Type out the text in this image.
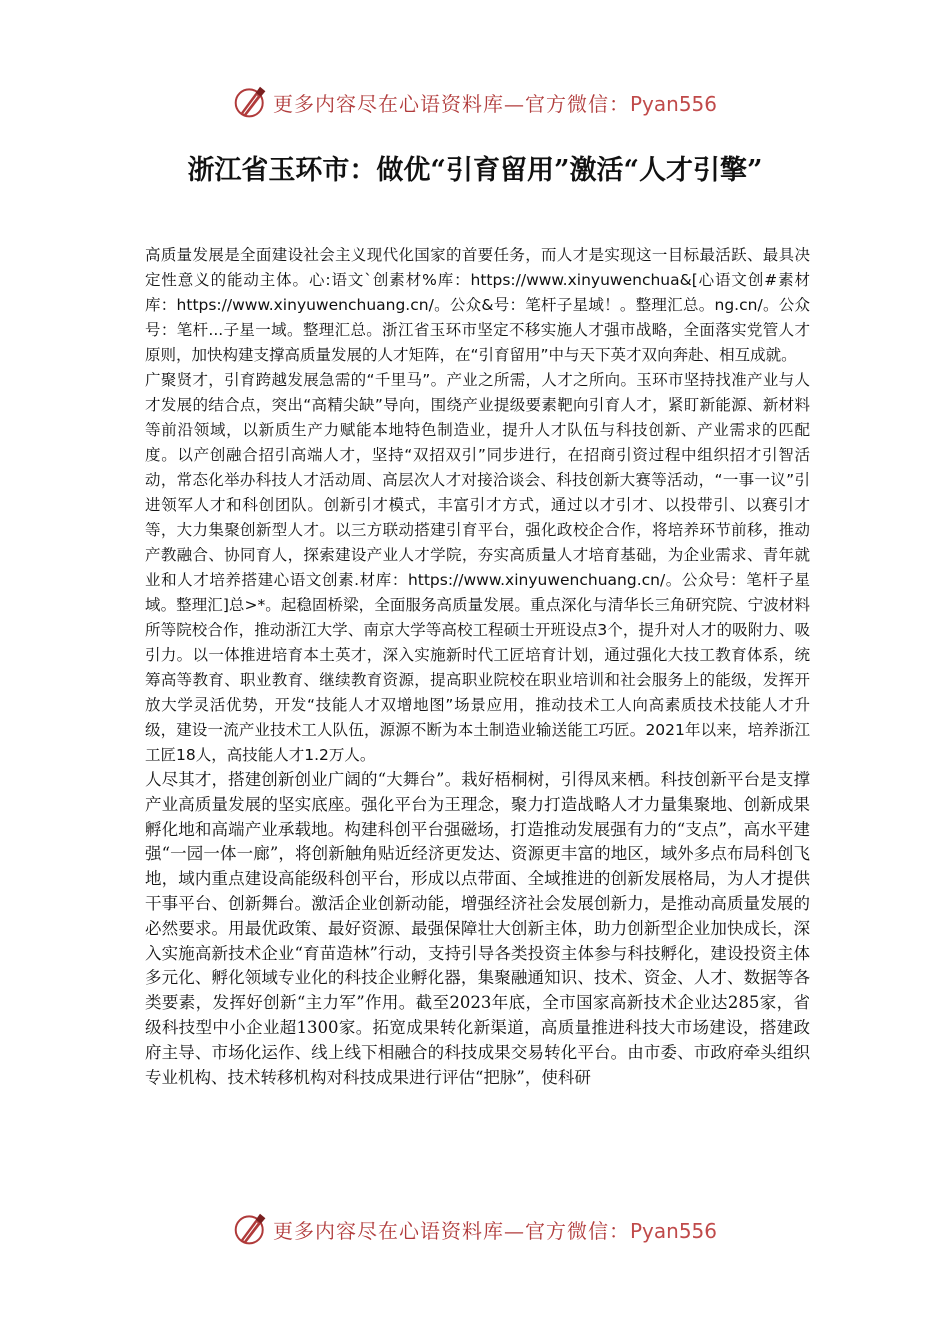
更多内容尽在心语资料库—官方微信：Pyan556
浙江省玉环市：做优“引育留用”激活“人才引擎”

高质量发展是全面建设社会主义现代化国家的首要任务，而人才是实现这一目标最活跃、最具决定性意义的能动主体。心:语文`创素材%库：https://www.xinyuwenchua&[心语文创#素材库：https://www.xinyuwenchuang.cn/。公众&号：笔杆子星域！。整理汇总。ng.cn/。公众号：笔杆...子星一域。整理汇总。浙江省玉环市坚定不移实施人才强市战略，全面落实党管人才原则，加快构建支撑高质量发展的人才矩阵，在“引育留用”中与天下英才双向奔赴、相互成就。

广聚贤才，引育跨越发展急需的“千里马”。产业之所需，人才之所向。玉环市坚持找准产业与人才发展的结合点，突出“高精尖缺”导向，围绕产业提级要素靶向引育人才，紧盯新能源、新材料等前沿领域，以新质生产力赋能本地特色制造业，提升人才队伍与科技创新、产业需求的匹配度。以产创融合招引高端人才，坚持“双招双引”同步进行，在招商引资过程中组织招才引智活动，常态化举办科技人才活动周、高层次人才对接洽谈会、科技创新大赛等活动，“一事一议”引进领军人才和科创团队。创新引才模式，丰富引才方式，通过以才引才、以投带引、以赛引才等，大力集聚创新型人才。以三方联动搭建引育平台，强化政校企合作，将培养环节前移，推动产教融合、协同育人，探索建设产业人才学院，夯实高质量人才培育基础，为企业需求、青年就业和人才培养搭建心语文创素.材库：https://www.xinyuwenchuang.cn/。公众号：笔杆子星域。整理汇]总>*。起稳固桥梁，全面服务高质量发展。重点深化与清华长三角研究院、宁波材料所等院校合作，推动浙江大学、南京大学等高校工程硕士开班设点3个，提升对人才的吸附力、吸引力。以一体推进培育本土英才，深入实施新时代工匠培育计划，通过强化大技工教育体系，统筹高等教育、职业教育、继续教育资源，提高职业院校在职业培训和社会服务上的能级，发挥开放大学灵活优势，开发“技能人才双增地图”场景应用，推动技术工人向高素质技术技能人才升级，建设一流产业技术工人队伍，源源不断为本土制造业输送能工巧匠。2021年以来，培养浙江工匠18人，高技能人才1.2万人。

人尽其才，搭建创新创业广阔的“大舞台”。栽好梧桐树，引得凤来栖。科技创新平台是支撑产业高质量发展的坚实底座。强化平台为王理念，聚力打造战略人才力量集聚地、创新成果孵化地和高端产业承载地。构建科创平台强磁场，打造推动发展强有力的“支点”，高水平建强“一园一体一廊”，将创新触角贴近经济更发达、资源更丰富的地区，域外多点布局科创飞地，域内重点建设高能级科创平台，形成以点带面、全域推进的创新发展格局，为人才提供干事平台、创新舞台。激活企业创新动能，增强经济社会发展创新力，是推动高质量发展的必然要求。用最优政策、最好资源、最强保障壮大创新主体，助力创新型企业加快成长，深入实施高新技术企业“育苗造林”行动，支持引导各类投资主体参与科技孵化，建设投资主体多元化、孵化领域专业化的科技企业孵化器，集聚融通知识、技术、资金、人才、数据等各类要素，发挥好创新“主力军”作用。截至2023年底，全市国家高新技术企业达285家，省级科技型中小企业超1300家。拓宽成果转化新渠道，高质量推进科技大市场建设，搭建政府主导、市场化运作、线上线下相融合的科技成果交易转化平台。由市委、市政府牵头组织专业机构、技术转移机构对科技成果进行评估“把脉”，使科研

更多内容尽在心语资料库—官方微信：Pyan556
